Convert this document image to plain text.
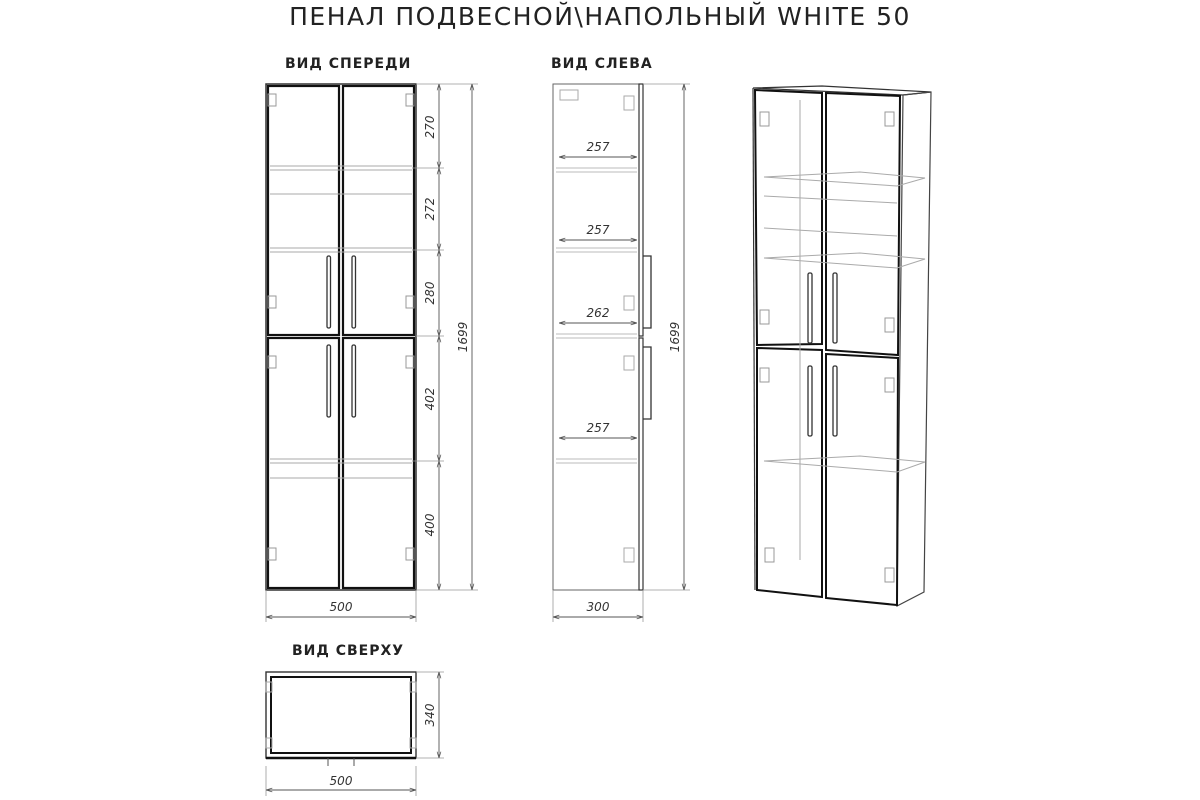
ПЕНАЛ ПОДВЕСНОЙ\НАПОЛЬНЫЙ WHITE 50
ВИД СПЕРЕДИ	ВИД СЛЕВА
ВИД СВЕРХУ
270
272
280
402
400
1699
500
257
257
262
257
1699
300
340
500
